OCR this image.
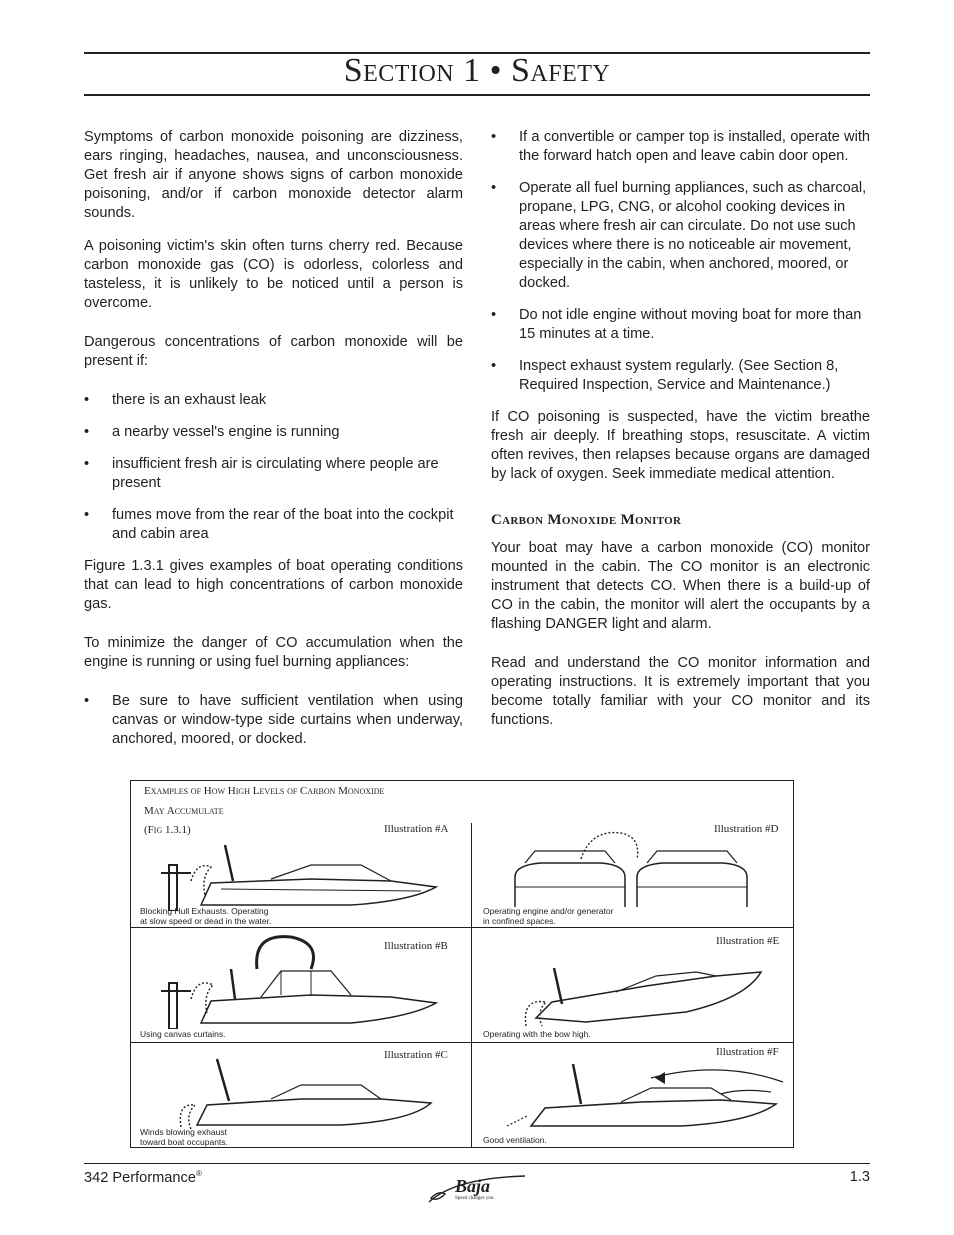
Section 1 • Safety

Symptoms of carbon monoxide poisoning are dizziness, ears ringing, headaches, nausea, and unconsciousness. Get fresh air if anyone shows signs of carbon monoxide poisoning, and/or if carbon monoxide detector alarm sounds.

A poisoning victim's skin often turns cherry red. Because carbon monoxide gas (CO) is odorless, colorless and tasteless, it is unlikely to be noticed until a person is overcome.

Dangerous concentrations of carbon monoxide will be present if:

• there is an exhaust leak
• a nearby vessel's engine is running
• insufficient fresh air is circulating where people are present
• fumes move from the rear of the boat into the cockpit and cabin area

Figure 1.3.1 gives examples of boat operating conditions that can lead to high concentrations of carbon monoxide gas.

To minimize the danger of CO accumulation when the engine is running or using fuel burning appliances:

• Be sure to have sufficient ventilation when using canvas or window-type side curtains when underway, anchored, moored, or docked.
• If a convertible or camper top is installed, operate with the forward hatch open and leave cabin door open.
• Operate all fuel burning appliances, such as charcoal, propane, LPG, CNG, or alcohol cooking devices in areas where fresh air can circulate. Do not use such devices where there is no noticeable air movement, especially in the cabin, when anchored, moored, or docked.
• Do not idle engine without moving boat for more than 15 minutes at a time.
• Inspect exhaust system regularly. (See Section 8, Required Inspection, Service and Maintenance.)

If CO poisoning is suspected, have the victim breathe fresh air deeply. If breathing stops, resuscitate. A victim often revives, then relapses because organs are damaged by lack of oxygen. Seek immediate medical attention.

Carbon Monoxide Monitor

Your boat may have a carbon monoxide (CO) monitor mounted in the cabin. The CO monitor is an electronic instrument that detects CO. When there is a build-up of CO in the cabin, the monitor will alert the occupants by a flashing DANGER light and alarm.

Read and understand the CO monitor information and operating instructions. It is extremely important that you become totally familiar with your CO monitor and its functions.

Examples of How High Levels of Carbon Monoxide
May Accumulate
(Fig 1.3.1)	Illustration #A
Blocking Hull Exhausts. Operating
at slow speed or dead in the water.
Illustration #D
Operating engine and/or generator
in confined spaces.
Illustration #B
Using canvas curtains.
Illustration #E
Operating with the bow high.
Illustration #C
Winds blowing exhaust
toward boat occupants.
Illustration #F
Good ventilation.
342 Performance®	1.3
Baja
Speed changes you.
